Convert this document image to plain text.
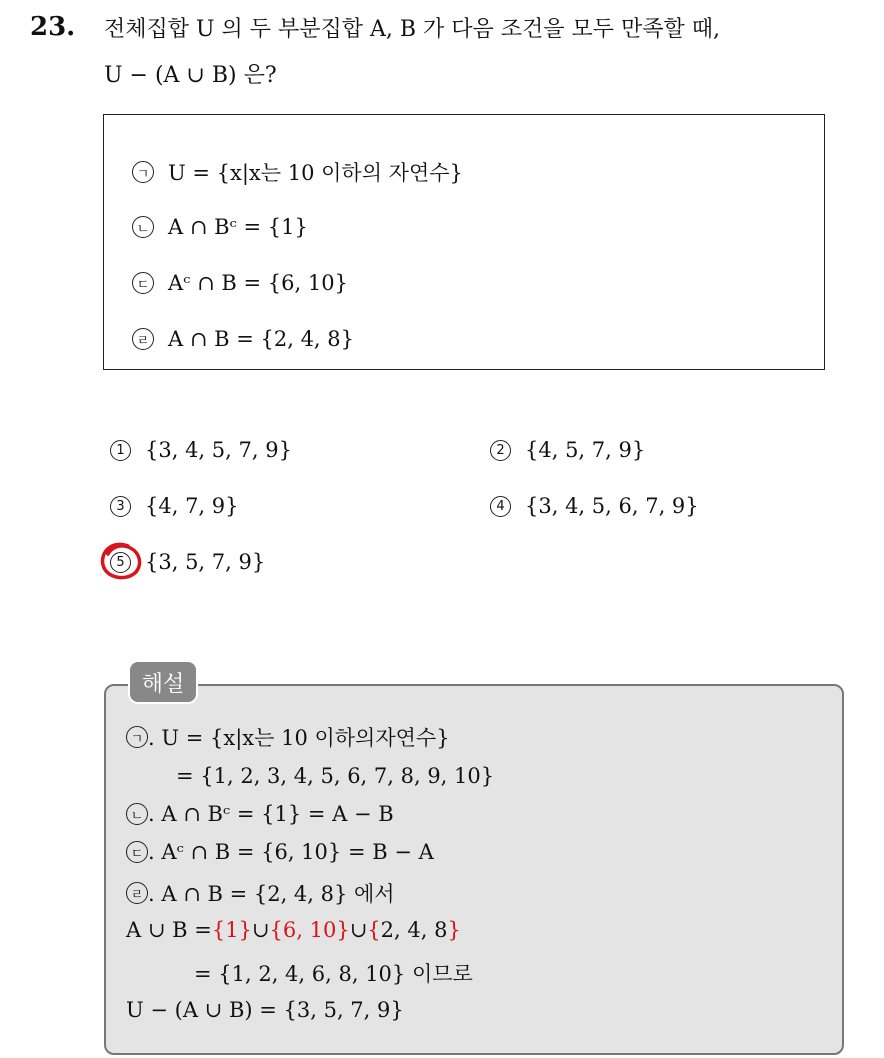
23. 전체집합 U 의 두 부분집합 A, B 가 다음 조건을 모두 만족할 때,
U − (A ∪ B) 은?
ㄱ U = {x|x는 10 이하의 자연수}
ㄴ A ∩ Bᶜ = {1}
ㄷ Aᶜ ∩ B = {6, 10}
ㄹ A ∩ B = {2, 4, 8}
1 {3, 4, 5, 7, 9}	2 {4, 5, 7, 9}
3 {4, 7, 9}	4 {3, 4, 5, 6, 7, 9}
5 {3, 5, 7, 9}
해설
ㄱ . U = {x|x는 10 이하의자연수}
= {1, 2, 3, 4, 5, 6, 7, 8, 9, 10}
ㄴ . A ∩ Bᶜ = {1} = A − B
ㄷ . Aᶜ ∩ B = {6, 10} = B − A
ㄹ . A ∩ B = {2, 4, 8} 에서
A ∪ B = {1} ∪ {6, 10} ∪ { 2, 4, 8 }
= {1, 2, 4, 6, 8, 10} 이므로
U − (A ∪ B) = {3, 5, 7, 9}
